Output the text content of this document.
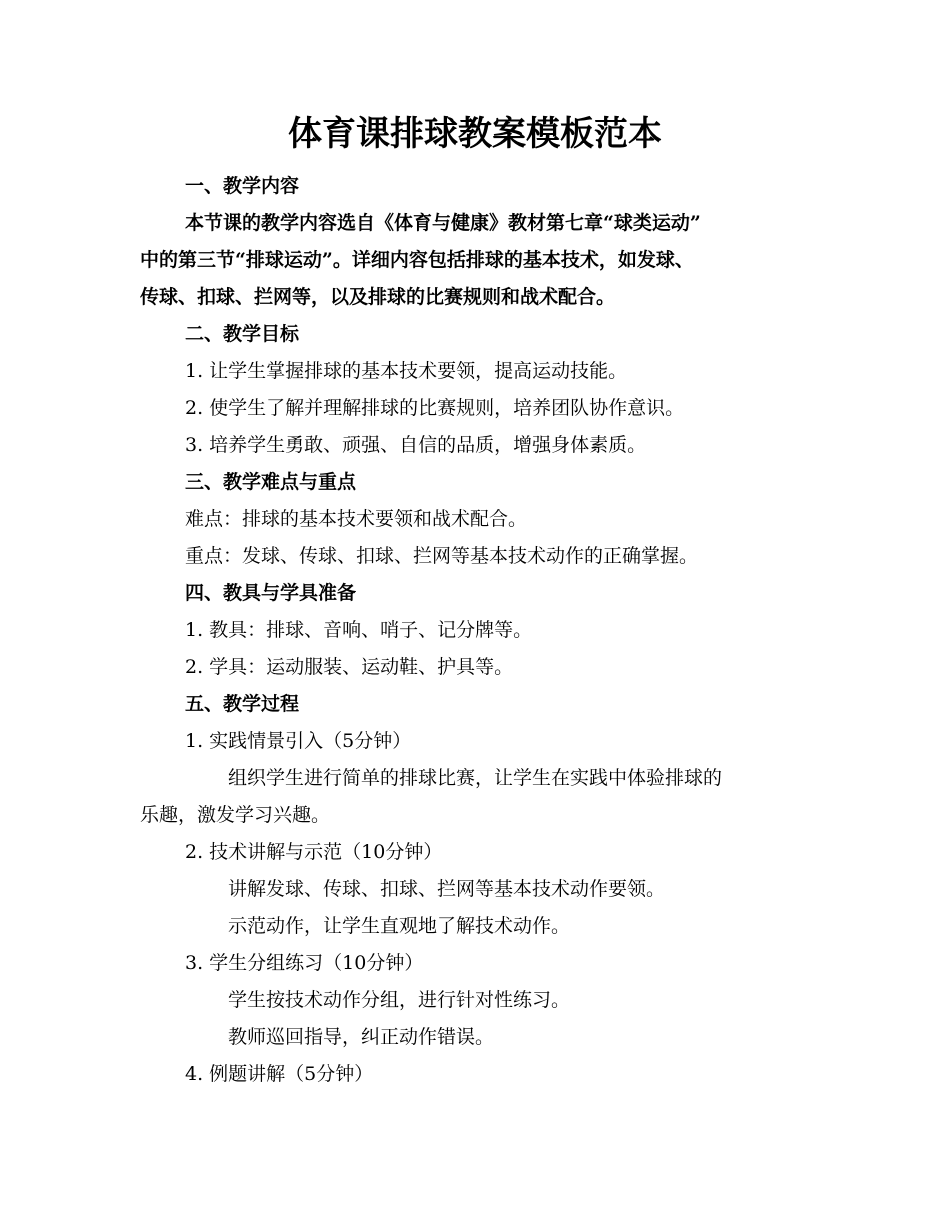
体育课排球教案模板范本
一、教学内容
本节课的教学内容选自《体育与健康》教材第七章“球类运动”
中的第三节“排球运动”。详细内容包括排球的基本技术，如发球、
传球、扣球、拦网等，以及排球的比赛规则和战术配合。
二、教学目标
1. 让学生掌握排球的基本技术要领，提高运动技能。
2. 使学生了解并理解排球的比赛规则，培养团队协作意识。
3. 培养学生勇敢、顽强、自信的品质，增强身体素质。
三、教学难点与重点
难点：排球的基本技术要领和战术配合。
重点：发球、传球、扣球、拦网等基本技术动作的正确掌握。
四、教具与学具准备
1. 教具：排球、音响、哨子、记分牌等。
2. 学具：运动服装、运动鞋、护具等。
五、教学过程
1. 实践情景引入（5分钟）
组织学生进行简单的排球比赛，让学生在实践中体验排球的
乐趣，激发学习兴趣。
2. 技术讲解与示范（10分钟）
讲解发球、传球、扣球、拦网等基本技术动作要领。
示范动作，让学生直观地了解技术动作。
3. 学生分组练习（10分钟）
学生按技术动作分组，进行针对性练习。
教师巡回指导，纠正动作错误。
4. 例题讲解（5分钟）
